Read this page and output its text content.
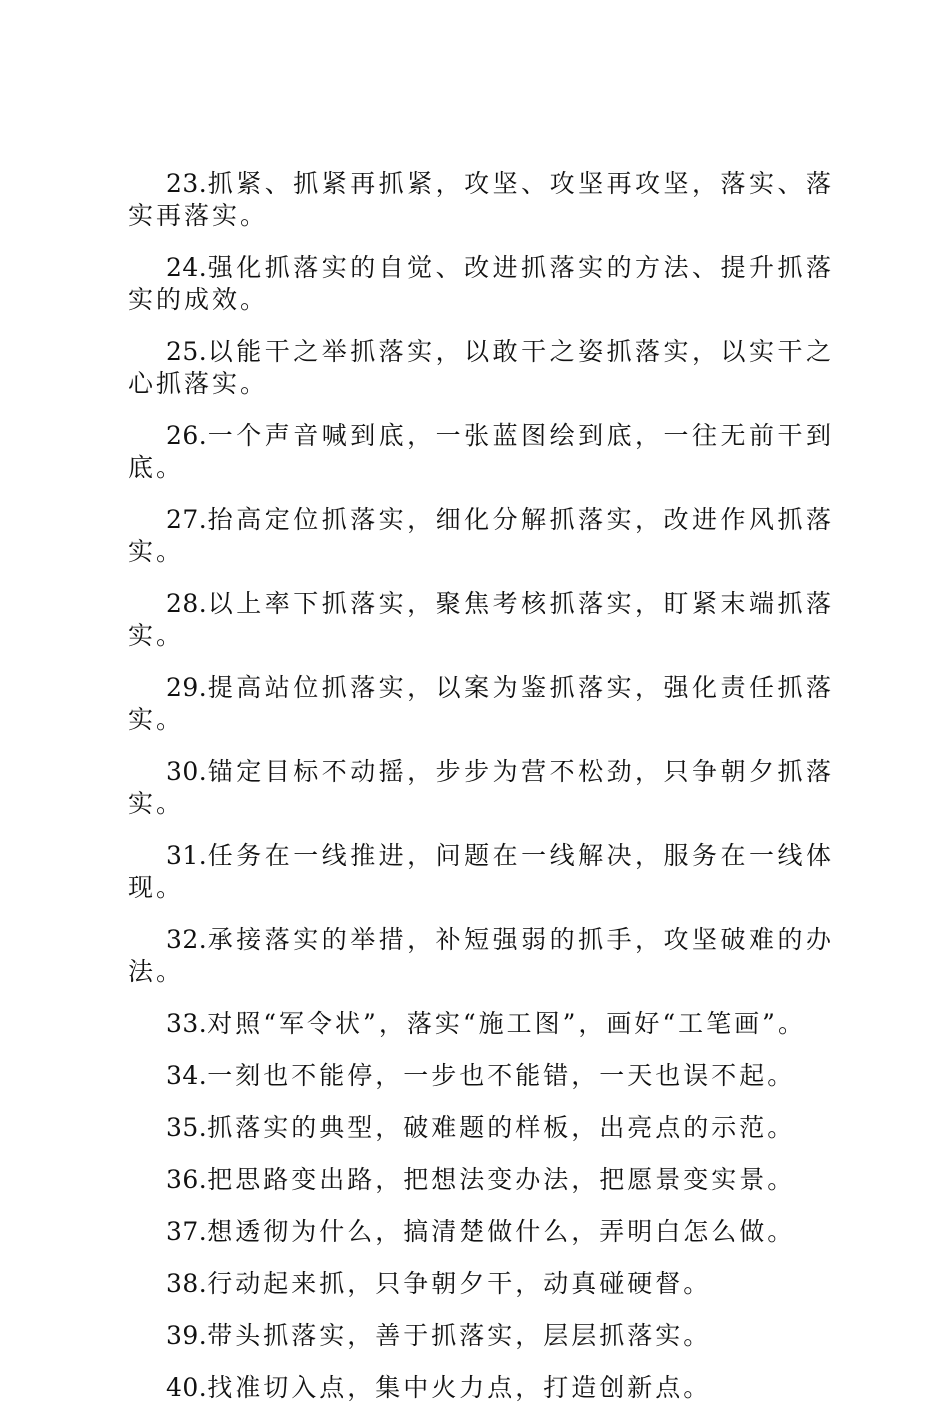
23.抓紧、抓紧再抓紧，攻坚、攻坚再攻坚，落实、落实再落实。

24.强化抓落实的自觉、改进抓落实的方法、提升抓落实的成效。

25.以能干之举抓落实，以敢干之姿抓落实，以实干之心抓落实。

26.一个声音喊到底，一张蓝图绘到底，一往无前干到底。

27.抬高定位抓落实，细化分解抓落实，改进作风抓落实。

28.以上率下抓落实，聚焦考核抓落实，盯紧末端抓落实。

29.提高站位抓落实，以案为鉴抓落实，强化责任抓落实。

30.锚定目标不动摇，步步为营不松劲，只争朝夕抓落实。

31.任务在一线推进，问题在一线解决，服务在一线体现。

32.承接落实的举措，补短强弱的抓手，攻坚破难的办法。

33.对照“军令状”，落实“施工图”，画好“工笔画”。

34.一刻也不能停，一步也不能错，一天也误不起。

35.抓落实的典型，破难题的样板，出亮点的示范。

36.把思路变出路，把想法变办法，把愿景变实景。

37.想透彻为什么，搞清楚做什么，弄明白怎么做。

38.行动起来抓，只争朝夕干，动真碰硬督。

39.带头抓落实，善于抓落实，层层抓落实。

40.找准切入点，集中火力点，打造创新点。
